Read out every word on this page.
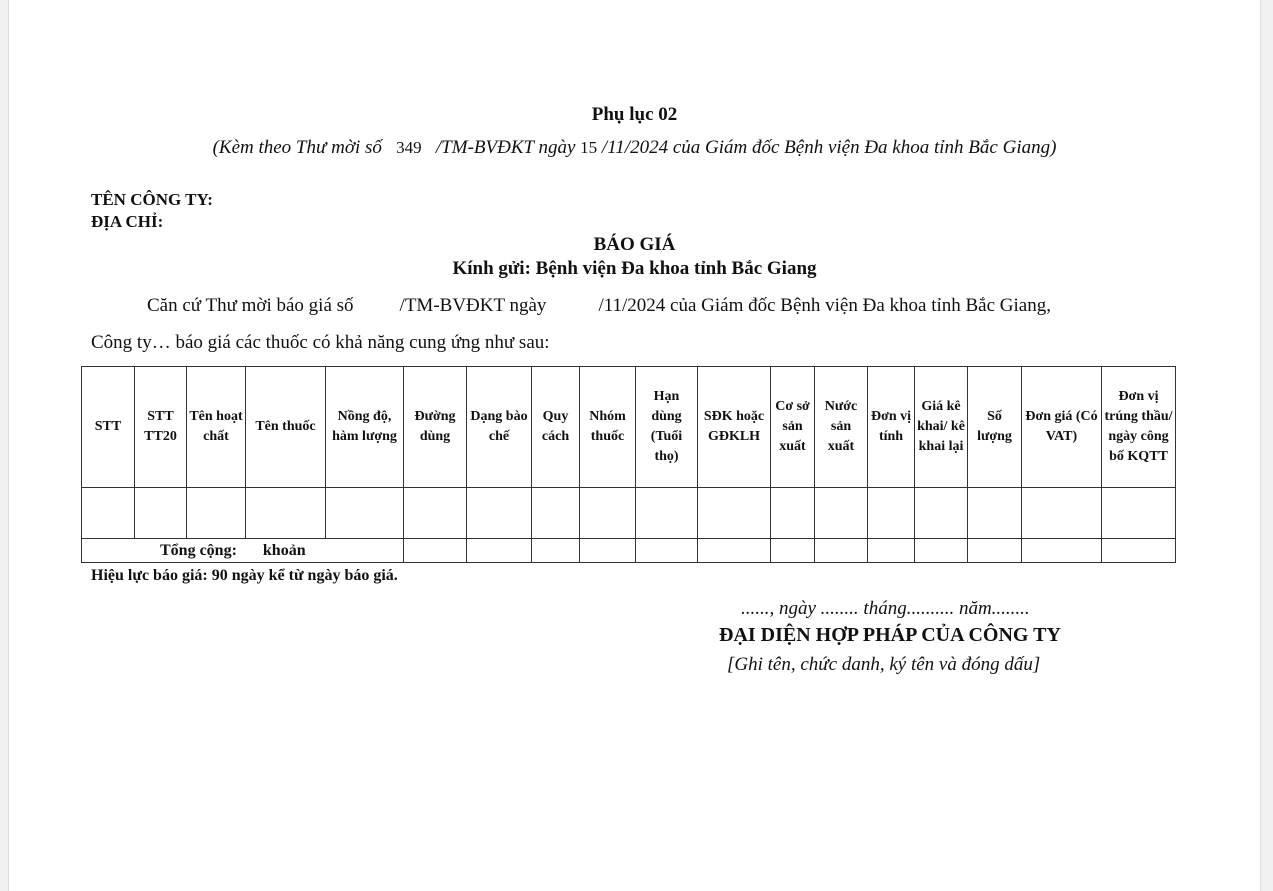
Phụ lục 02
(Kèm theo Thư mời số 349 /TM-BVĐKT ngày 15 /11/2024 của Giám đốc Bệnh viện Đa khoa tỉnh Bắc Giang)
TÊN CÔNG TY:
ĐỊA CHỈ:
BÁO GIÁ
Kính gửi: Bệnh viện Đa khoa tỉnh Bắc Giang
Căn cứ Thư mời báo giá số /TM-BVĐKT ngày	/11/2024 của Giám đốc Bệnh viện Đa khoa tỉnh Bắc Giang,
Công ty… báo giá các thuốc có khả năng cung ứng như sau:
STT	STT TT20	Tên hoạt chất	Tên thuốc	Nồng độ, hàm lượng	Đường dùng	Dạng bào chế	Quy cách	Nhóm thuốc	Hạn dùng (Tuổi thọ)	SĐK hoặc GĐKLH	Cơ sở sản xuất	Nước sản xuất	Đơn vị tính	Giá kê khai/ kê khai lại	Số lượng	Đơn giá (Có VAT)	Đơn vị trúng thầu/ ngày công bố KQTT

Tổng cộng: khoản																	
Hiệu lực báo giá: 90 ngày kể từ ngày báo giá.
......, ngày ........ tháng.......... năm........
ĐẠI DIỆN HỢP PHÁP CỦA CÔNG TY
[Ghi tên, chức danh, ký tên và đóng dấu]
